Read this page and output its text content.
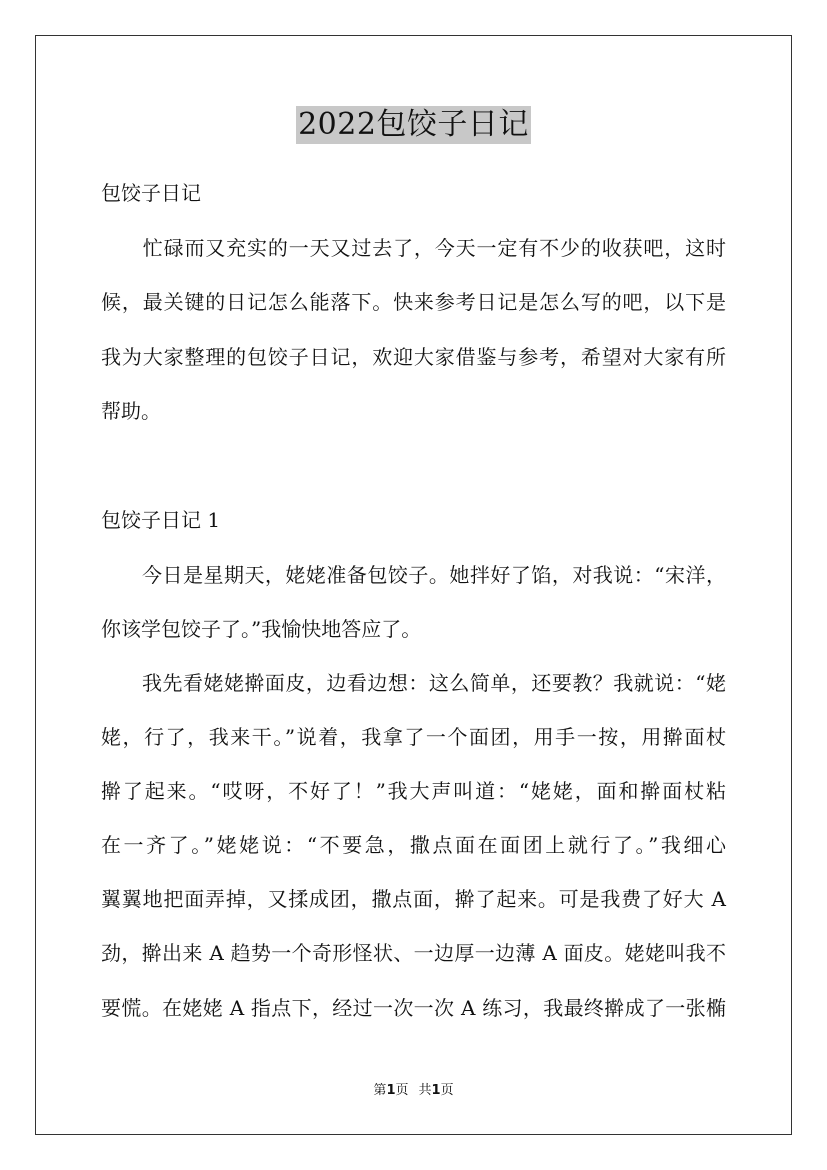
2022包饺子日记

包饺子日记

　　忙碌而又充实的一天又过去了，今天一定有不少的收获吧，这时

候，最关键的日记怎么能落下。快来参考日记是怎么写的吧，以下是

我为大家整理的包饺子日记，欢迎大家借鉴与参考，希望对大家有所

帮助。

包饺子日记 1

　　今日是星期天，姥姥准备包饺子。她拌好了馅，对我说：“宋洋，

你该学包饺子了。”我愉快地答应了。

　　我先看姥姥擀面皮，边看边想：这么简单，还要教？我就说：“姥

姥，行了，我来干。”说着，我拿了一个面团，用手一按，用擀面杖

擀了起来。“哎呀，不好了！”我大声叫道：“姥姥，面和擀面杖粘

在一齐了。”姥姥说：“不要急，撒点面在面团上就行了。”我细心

翼翼地把面弄掉，又揉成团，撒点面，擀了起来。可是我费了好大 A

劲，擀出来 A 趋势一个奇形怪状、一边厚一边薄 A 面皮。姥姥叫我不

要慌。在姥姥 A 指点下，经过一次一次 A 练习，我最终擀成了一张椭

第1页 共1页
